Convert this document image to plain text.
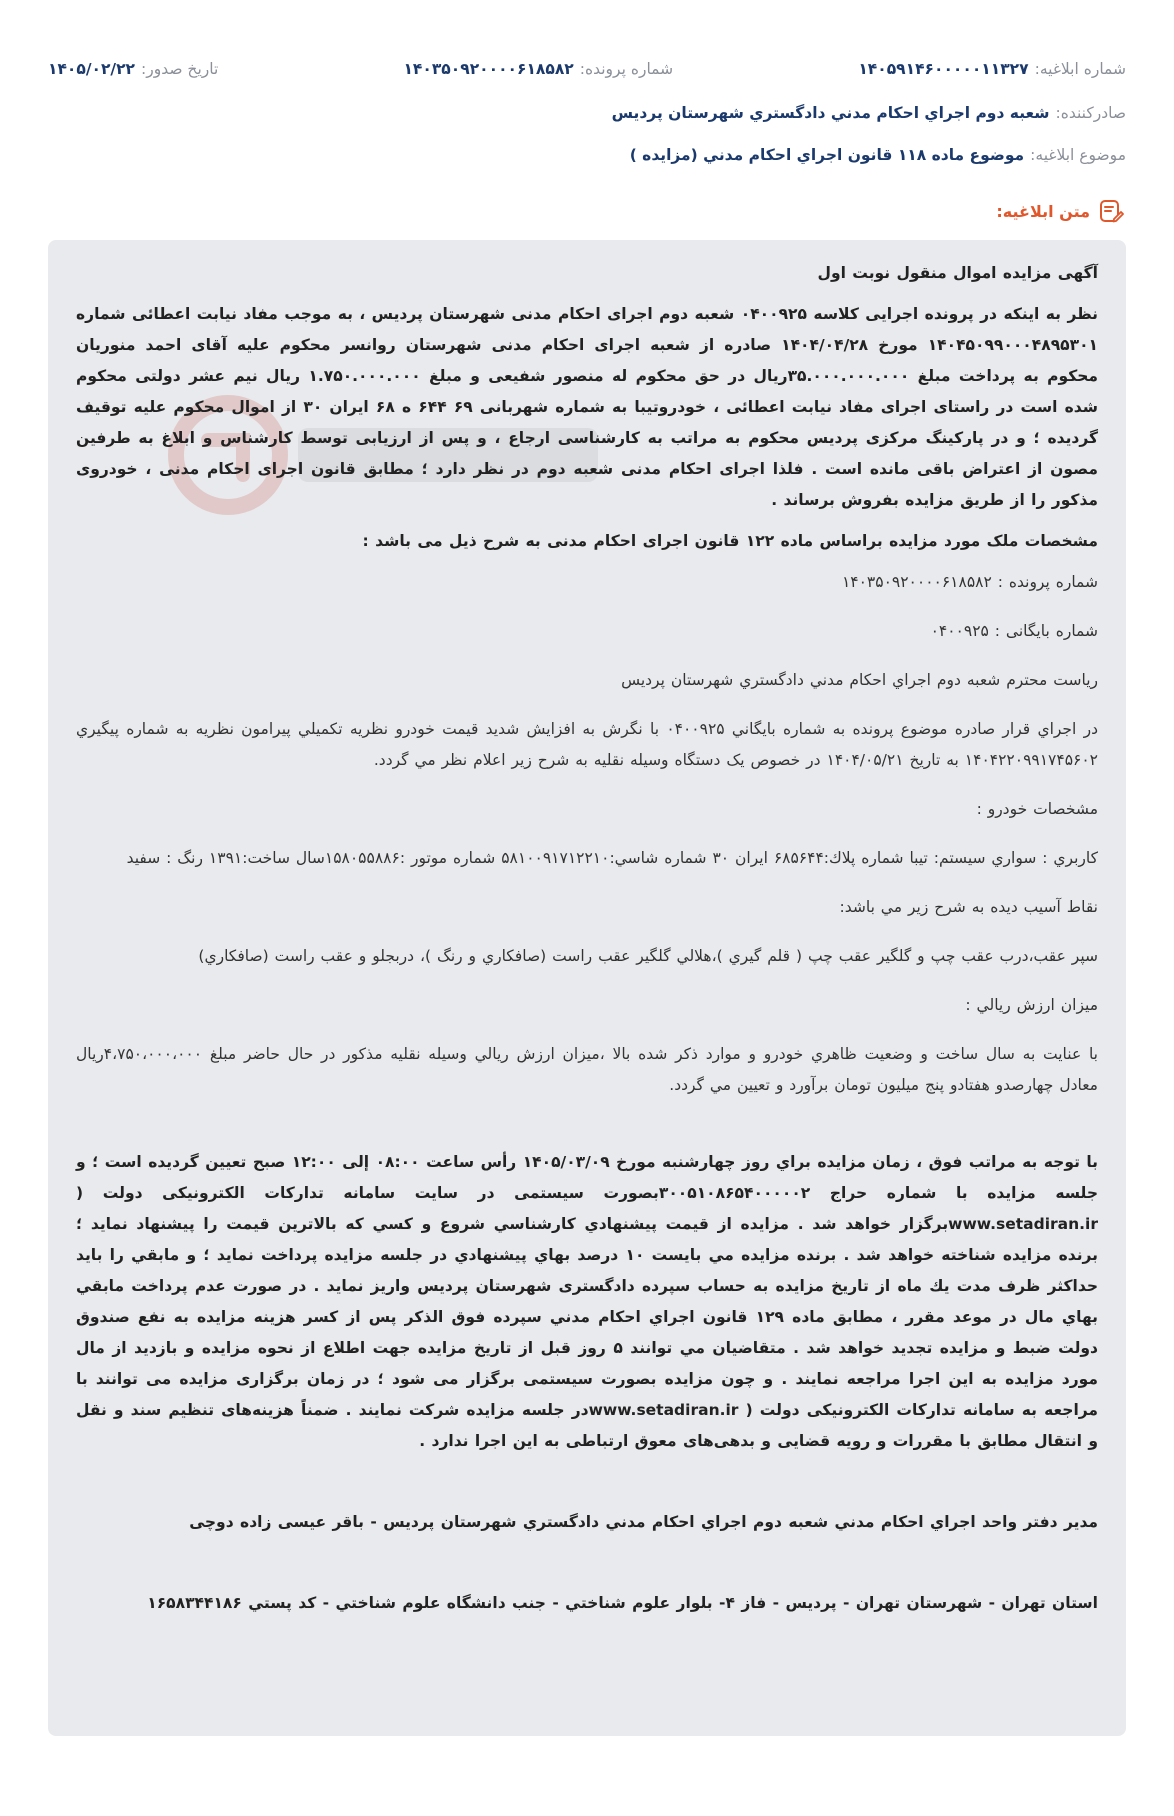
شماره ابلاغیه:
۱۴۰۵۹۱۴۶۰۰۰۰۰۱۱۳۲۷
شماره پرونده:
۱۴۰۳۵۰۹۲۰۰۰۰۶۱۸۵۸۲
تاریخ صدور:
۱۴۰۵/۰۲/۲۲
صادرکننده:
شعبه دوم اجراي احكام مدني دادگستري شهرستان پرديس
موضوع ابلاغیه:
موضوع ماده ۱۱۸ قانون اجراي احكام مدني (مزايده )
متن ابلاغیه:

آگهی مزایده اموال منقول نوبت اول

نظر به اینکه در پرونده اجرایی کلاسه ۰۴۰۰۹۲۵ شعبه دوم اجرای احکام مدنی شهرستان پردیس ، به موجب مفاد نیابت اعطائی شماره ۱۴۰۴۵۰۹۹۰۰۰۴۸۹۵۳۰۱ مورخ ۱۴۰۴/۰۴/۲۸ صادره از شعبه اجرای احکام مدنی شهرستان روانسر محکوم علیه آقای احمد منوریان محکوم به پرداخت مبلغ ۳۵.۰۰۰.۰۰۰.۰۰۰ریال در حق محکوم له منصور شفیعی و مبلغ ۱.۷۵۰.۰۰۰.۰۰۰ ریال نیم عشر دولتی محکوم شده است در راستای اجرای مفاد نیابت اعطائی ، خودروتیبا به شماره شهربانی ۶۹ ۶۴۴ ه ۶۸ ایران ۳۰ از اموال محکوم علیه توقیف گردیده ؛ و در پارکینگ مرکزی پردیس محکوم به مراتب به کارشناسی ارجاع ، و پس از ارزیابی توسط کارشناس و ابلاغ به طرفین مصون از اعتراض باقی مانده است . فلذا اجرای احکام مدنی شعبه دوم در نظر دارد ؛ مطابق قانون اجرای احکام مدنی ، خودروی مذکور را از طریق مزایده بفروش برساند .

مشخصات ملک مورد مزایده براساس ماده ۱۲۲ قانون اجرای احکام مدنی به شرح ذیل می باشد :

شماره پرونده : ۱۴۰۳۵۰۹۲۰۰۰۰۶۱۸۵۸۲

شماره بایگانی : ۰۴۰۰۹۲۵

رياست محترم شعبه دوم اجراي احكام مدني دادگستري شهرستان پرديس

در اجراي قرار صادره موضوع پرونده به شماره بايگاني ۰۴۰۰۹۲۵ با نگرش به افزايش شديد قيمت خودرو نظريه تكميلي پيرامون نظريه به شماره پيگيري ۱۴۰۴۲۲۰۹۹۱۷۴۵۶۰۲ به تاريخ ۱۴۰۴/۰۵/۲۱ در خصوص يک دستگاه وسيله نقليه به شرح زير اعلام نظر مي گردد.

مشخصات خودرو :

كاربري : سواري سيستم: تيبا شماره پلاك:۶۸۵۶۴۴ ايران ۳۰ شماره شاسي:۵۸۱۰۰۹۱۷۱۲۲۱۰ شماره موتور :۱۵۸۰۵۵۸۸۶سال ساخت:۱۳۹۱ رنگ : سفيد

نقاط آسيب ديده به شرح زير مي باشد:

سپر عقب،درب عقب چپ و گلگير عقب چپ ( قلم گيري )،هلالي گلگير عقب راست (صافكاري و رنگ )، دربجلو و عقب راست (صافكاري)

ميزان ارزش ريالي :

با عنايت به سال ساخت و وضعيت ظاهري خودرو و موارد ذكر شده بالا ،ميزان ارزش ريالي وسيله نقليه مذكور در حال حاضر مبلغ ۴،۷۵۰،۰۰۰،۰۰۰ريال معادل چهارصدو هفتادو پنج ميليون تومان برآورد و تعيين مي گردد.

با توجه به مراتب فوق ، زمان مزايده براي روز چهارشنبه مورخ ۱۴۰۵/۰۳/۰۹ رأس ساعت ۰۸:۰۰ إلی ۱۲:۰۰ صبح تعيين گرديده است ؛ و جلسه مزايده با شماره حراج ۳۰۰۵۱۰۸۶۵۴۰۰۰۰۰۲بصورت سیستمی در سایت سامانه تدارکات الکترونیکی دولت ( www.setadiran.irبرگزار خواهد شد . مزايده از قيمت پيشنهادي كارشناسي شروع و كسي كه بالاترين قيمت را پيشنهاد نمايد ؛ برنده مزايده شناخته خواهد شد . برنده مزايده مي بايست ۱۰ درصد بهاي پيشنهادي در جلسه مزايده پرداخت نمايد ؛ و مابقي را بايد حداكثر ظرف مدت يك ماه از تاريخ مزايده به حساب سپرده دادگستری شهرستان پردیس واريز نمايد . در صورت عدم پرداخت مابقي بهاي مال در موعد مقرر ، مطابق ماده ۱۲۹ قانون اجراي احكام مدني سپرده فوق الذكر پس از كسر هزينه مزايده به نفع صندوق دولت ضبط و مزايده تجديد خواهد شد . متقاضيان مي توانند ۵ روز قبل از تاريخ مزايده جهت اطلاع از نحوه مزايده و بازديد از مال مورد مزايده به اين اجرا مراجعه نمايند . و چون مزایده بصورت سیستمی برگزار می شود ؛ در زمان برگزاری مزایده می توانند با مراجعه به سامانه تدارکات الکترونیکی دولت ( www.setadiran.irدر جلسه مزایده شرکت نمایند . ضمناً هزینه‌های تنظیم سند و نقل و انتقال مطابق با مقررات و رویه قضایی و بدهی‌های معوق ارتباطی به این اجرا ندارد .

مدير دفتر واحد اجراي احكام مدني شعبه دوم اجراي احكام مدني دادگستري شهرستان پرديس - باقر عيسی زاده دوچی

استان تهران - شهرستان تهران - پرديس - فاز ۴- بلوار علوم شناختي - جنب دانشگاه علوم شناختي - كد پستي ۱۶۵۸۳۴۴۱۸۶
